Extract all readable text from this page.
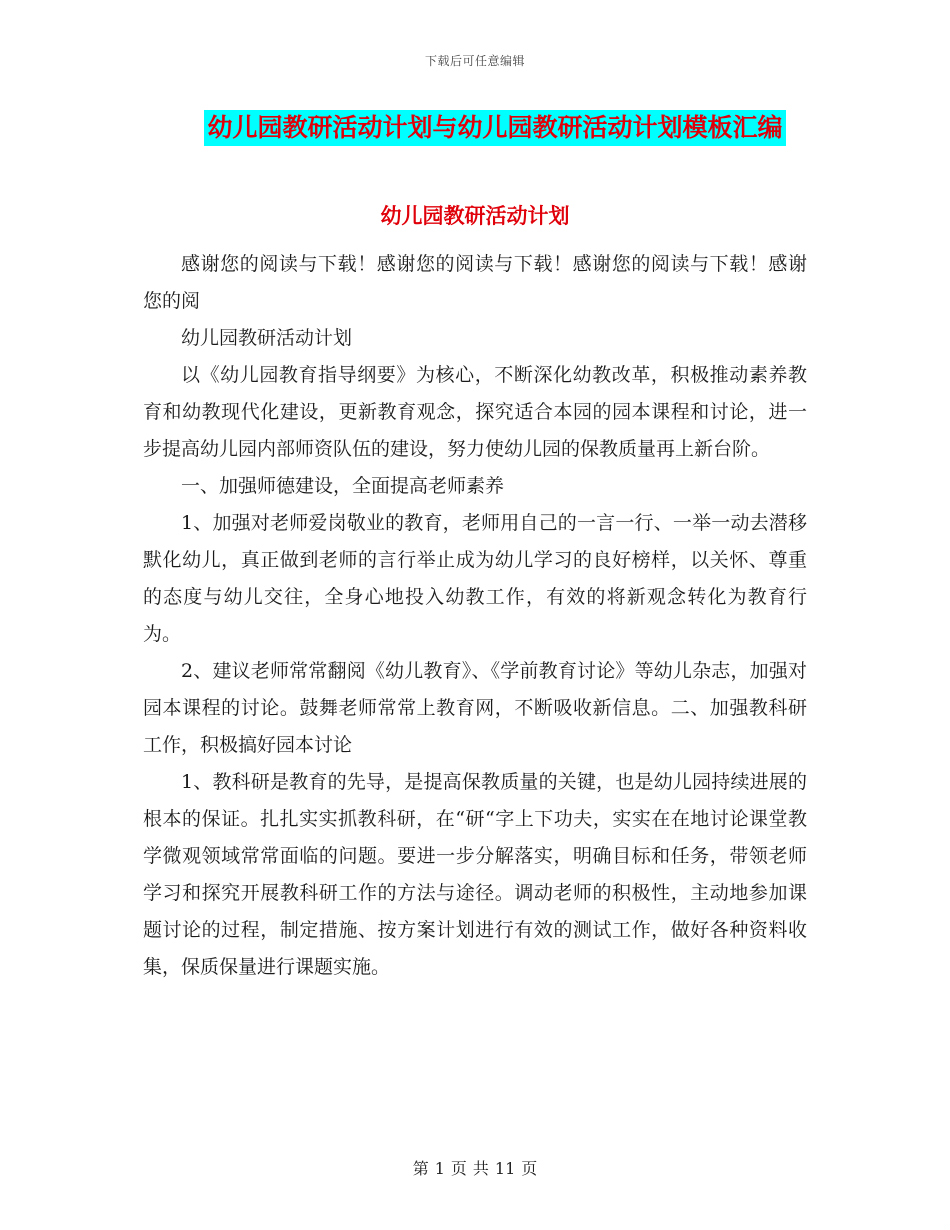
下载后可任意编辑
幼儿园教研活动计划与幼儿园教研活动计划模板汇编
幼儿园教研活动计划

感谢您的阅读与下载！感谢您的阅读与下载！感谢您的阅读与下载！感谢您的阅

幼儿园教研活动计划

以《幼儿园教育指导纲要》为核心，不断深化幼教改革，积极推动素养教育和幼教现代化建设，更新教育观念，探究适合本园的园本课程和讨论，进一步提高幼儿园内部师资队伍的建设，努力使幼儿园的保教质量再上新台阶。

一、加强师德建设，全面提高老师素养

1、加强对老师爱岗敬业的教育，老师用自己的一言一行、一举一动去潜移默化幼儿，真正做到老师的言行举止成为幼儿学习的良好榜样，以关怀、尊重的态度与幼儿交往，全身心地投入幼教工作，有效的将新观念转化为教育行为。

2、建议老师常常翻阅《幼儿教育》、《学前教育讨论》等幼儿杂志，加强对园本课程的讨论。鼓舞老师常常上教育网，不断吸收新信息。二、加强教科研工作，积极搞好园本讨论

1、教科研是教育的先导，是提高保教质量的关键，也是幼儿园持续进展的根本的保证。扎扎实实抓教科研，在“研“字上下功夫，实实在在地讨论课堂教学微观领域常常面临的问题。要进一步分解落实，明确目标和任务，带领老师学习和探究开展教科研工作的方法与途径。调动老师的积极性，主动地参加课题讨论的过程，制定措施、按方案计划进行有效的测试工作，做好各种资料收集，保质保量进行课题实施。

第 1 页 共 11 页
